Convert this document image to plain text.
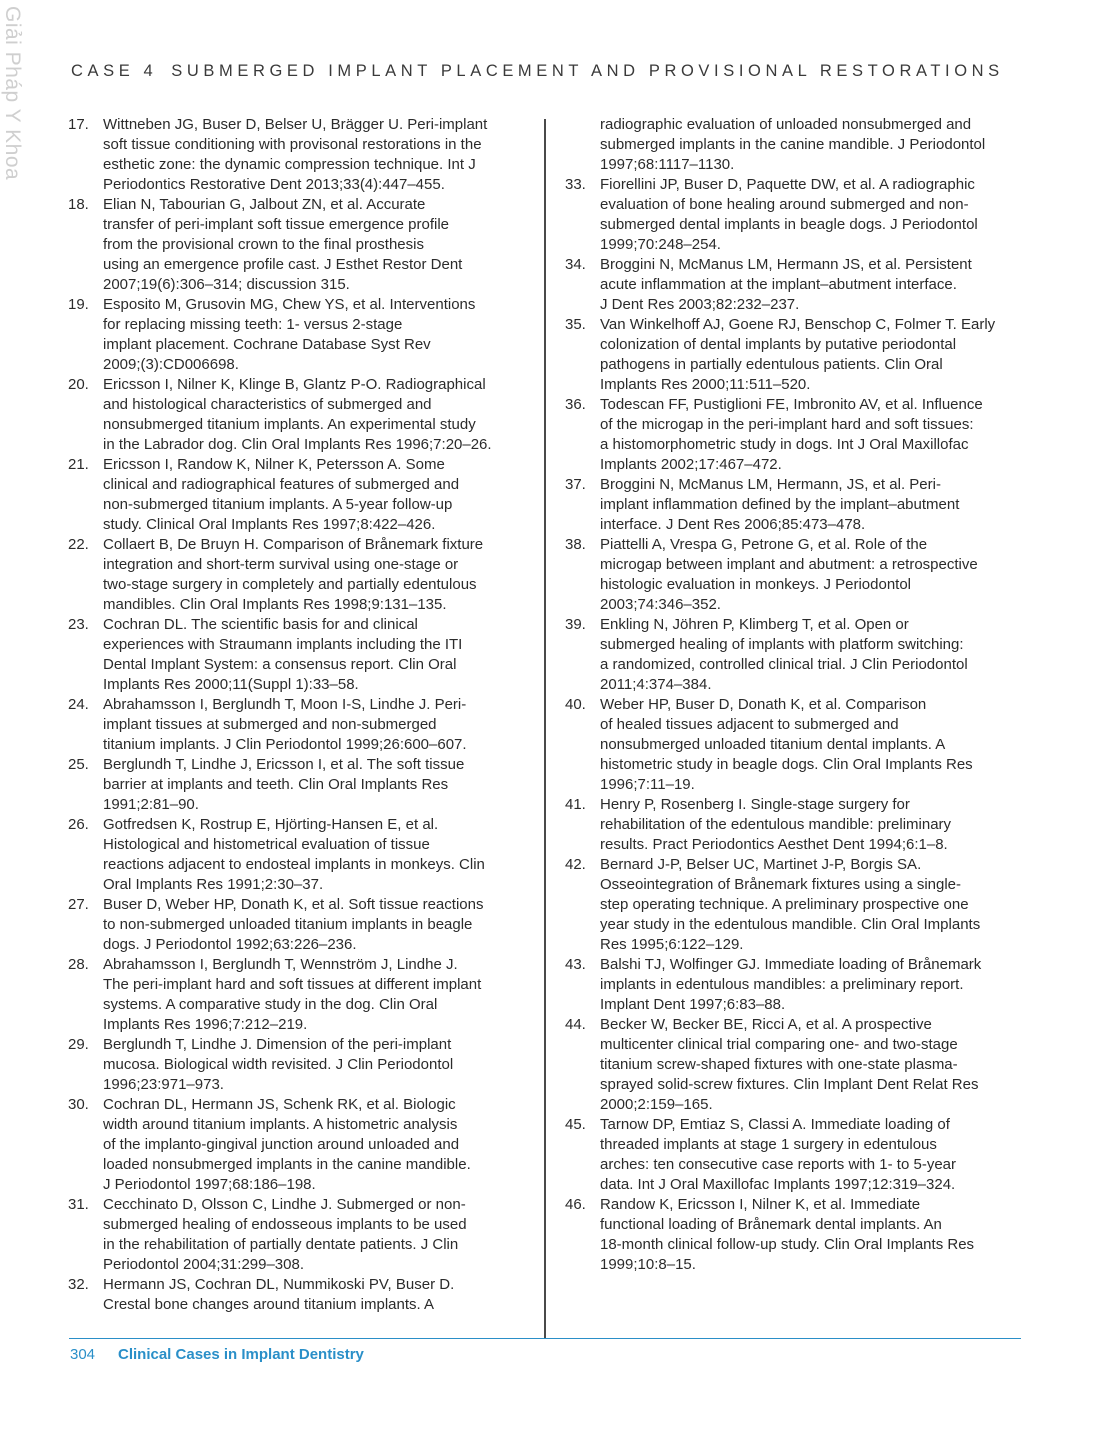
Giải Pháp Y Khoa	CASE 4 SUBMERGED IMPLANT PLACEMENT AND PROVISIONAL RESTORATIONS
17. Wittneben JG, Buser D, Belser U, Brägger U. Peri-implant
soft tissue conditioning with provisonal restorations in the
esthetic zone: the dynamic compression technique. Int J
Periodontics Restorative Dent 2013;33(4):447–455.
18. Elian N, Tabourian G, Jalbout ZN, et al. Accurate
transfer of peri-implant soft tissue emergence profile
from the provisional crown to the final prosthesis
using an emergence profile cast. J Esthet Restor Dent
2007;19(6):306–314; discussion 315.
19. Esposito M, Grusovin MG, Chew YS, et al. Interventions
for replacing missing teeth: 1- versus 2-stage
implant placement. Cochrane Database Syst Rev
2009;(3):CD006698.
20. Ericsson I, Nilner K, Klinge B, Glantz P-O. Radiographical
and histological characteristics of submerged and
nonsubmerged titanium implants. An experimental study
in the Labrador dog. Clin Oral Implants Res 1996;7:20–26.
21. Ericsson I, Randow K, Nilner K, Petersson A. Some
clinical and radiographical features of submerged and
non-submerged titanium implants. A 5-year follow-up
study. Clinical Oral Implants Res 1997;8:422–426.
22. Collaert B, De Bruyn H. Comparison of Brånemark fixture
integration and short-term survival using one-stage or
two-stage surgery in completely and partially edentulous
mandibles. Clin Oral Implants Res 1998;9:131–135.
23. Cochran DL. The scientific basis for and clinical
experiences with Straumann implants including the ITI
Dental Implant System: a consensus report. Clin Oral
Implants Res 2000;11(Suppl 1):33–58.
24. Abrahamsson I, Berglundh T, Moon I-S, Lindhe J. Peri-
implant tissues at submerged and non-submerged
titanium implants. J Clin Periodontol 1999;26:600–607.
25. Berglundh T, Lindhe J, Ericsson I, et al. The soft tissue
barrier at implants and teeth. Clin Oral Implants Res
1991;2:81–90.
26. Gotfredsen K, Rostrup E, Hjörting-Hansen E, et al.
Histological and histometrical evaluation of tissue
reactions adjacent to endosteal implants in monkeys. Clin
Oral Implants Res 1991;2:30–37.
27. Buser D, Weber HP, Donath K, et al. Soft tissue reactions
to non-submerged unloaded titanium implants in beagle
dogs. J Periodontol 1992;63:226–236.
28. Abrahamsson I, Berglundh T, Wennström J, Lindhe J.
The peri-implant hard and soft tissues at different implant
systems. A comparative study in the dog. Clin Oral
Implants Res 1996;7:212–219.
29. Berglundh T, Lindhe J. Dimension of the peri-implant
mucosa. Biological width revisited. J Clin Periodontol
1996;23:971–973.
30. Cochran DL, Hermann JS, Schenk RK, et al. Biologic
width around titanium implants. A histometric analysis
of the implanto-gingival junction around unloaded and
loaded nonsubmerged implants in the canine mandible.
J Periodontol 1997;68:186–198.
31. Cecchinato D, Olsson C, Lindhe J. Submerged or non-
submerged healing of endosseous implants to be used
in the rehabilitation of partially dentate patients. J Clin
Periodontol 2004;31:299–308.
32. Hermann JS, Cochran DL, Nummikoski PV, Buser D.
Crestal bone changes around titanium implants. A
radiographic evaluation of unloaded nonsubmerged and
submerged implants in the canine mandible. J Periodontol
1997;68:1117–1130.
33. Fiorellini JP, Buser D, Paquette DW, et al. A radiographic
evaluation of bone healing around submerged and non-
submerged dental implants in beagle dogs. J Periodontol
1999;70:248–254.
34. Broggini N, McManus LM, Hermann JS, et al. Persistent
acute inflammation at the implant–abutment interface.
J Dent Res 2003;82:232–237.
35. Van Winkelhoff AJ, Goene RJ, Benschop C, Folmer T. Early
colonization of dental implants by putative periodontal
pathogens in partially edentulous patients. Clin Oral
Implants Res 2000;11:511–520.
36. Todescan FF, Pustiglioni FE, Imbronito AV, et al. Influence
of the microgap in the peri-implant hard and soft tissues:
a histomorphometric study in dogs. Int J Oral Maxillofac
Implants 2002;17:467–472.
37. Broggini N, McManus LM, Hermann, JS, et al. Peri-
implant inflammation defined by the implant–abutment
interface. J Dent Res 2006;85:473–478.
38. Piattelli A, Vrespa G, Petrone G, et al. Role of the
microgap between implant and abutment: a retrospective
histologic evaluation in monkeys. J Periodontol
2003;74:346–352.
39. Enkling N, Jöhren P, Klimberg T, et al. Open or
submerged healing of implants with platform switching:
a randomized, controlled clinical trial. J Clin Periodontol
2011;4:374–384.
40. Weber HP, Buser D, Donath K, et al. Comparison
of healed tissues adjacent to submerged and
nonsubmerged unloaded titanium dental implants. A
histometric study in beagle dogs. Clin Oral Implants Res
1996;7:11–19.
41. Henry P, Rosenberg I. Single-stage surgery for
rehabilitation of the edentulous mandible: preliminary
results. Pract Periodontics Aesthet Dent 1994;6:1–8.
42. Bernard J-P, Belser UC, Martinet J-P, Borgis SA.
Osseointegration of Brånemark fixtures using a single-
step operating technique. A preliminary prospective one
year study in the edentulous mandible. Clin Oral Implants
Res 1995;6:122–129.
43. Balshi TJ, Wolfinger GJ. Immediate loading of Brånemark
implants in edentulous mandibles: a preliminary report.
Implant Dent 1997;6:83–88.
44. Becker W, Becker BE, Ricci A, et al. A prospective
multicenter clinical trial comparing one- and two-stage
titanium screw-shaped fixtures with one-state plasma-
sprayed solid-screw fixtures. Clin Implant Dent Relat Res
2000;2:159–165.
45. Tarnow DP, Emtiaz S, Classi A. Immediate loading of
threaded implants at stage 1 surgery in edentulous
arches: ten consecutive case reports with 1- to 5-year
data. Int J Oral Maxillofac Implants 1997;12:319–324.
46. Randow K, Ericsson I, Nilner K, et al. Immediate
functional loading of Brånemark dental implants. An
18-month clinical follow-up study. Clin Oral Implants Res
1999;10:8–15.
304 Clinical Cases in Implant Dentistry
